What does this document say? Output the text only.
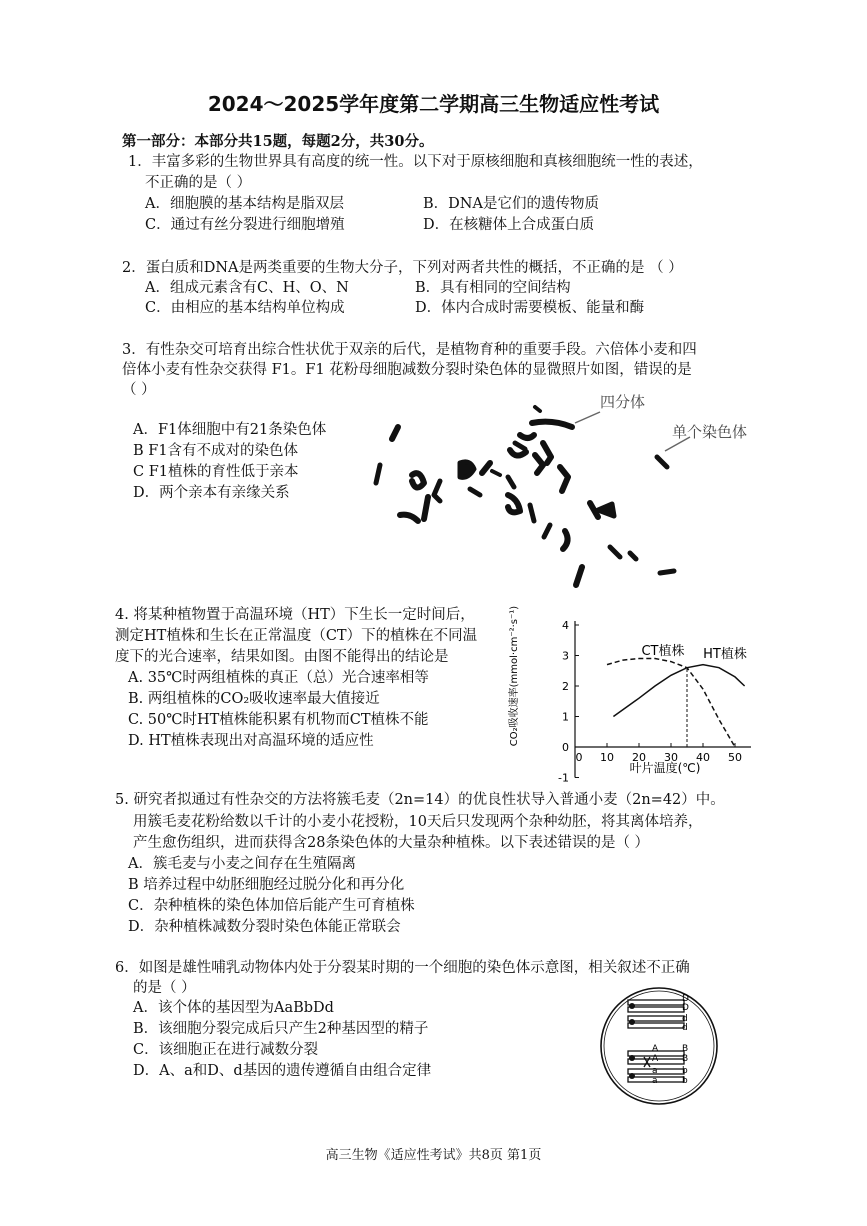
2024～2025学年度第二学期高三生物适应性考试
第一部分：本部分共15题，每题2分，共30分。
1．丰富多彩的生物世界具有高度的统一性。以下对于原核细胞和真核细胞统一性的表述，
不正确的是（ ）
A．细胞膜的基本结构是脂双层	B．DNA是它们的遗传物质
C．通过有丝分裂进行细胞增殖	D．在核糖体上合成蛋白质
2．蛋白质和DNA是两类重要的生物大分子，下列对两者共性的概括，不正确的是 （ ）
A．组成元素含有C、H、O、N	B．具有相同的空间结构
C．由相应的基本结构单位构成	D．体内合成时需要模板、能量和酶
3．有性杂交可培育出综合性状优于双亲的后代，是植物育种的重要手段。六倍体小麦和四
倍体小麦有性杂交获得 F1。F1 花粉母细胞减数分裂时染色体的显微照片如图，错误的是
（ ）
A．F1体细胞中有21条染色体
B F1含有不成对的染色体
C F1植株的育性低于亲本
D．两个亲本有亲缘关系
四分体
单个染色体
4. 将某种植物置于高温环境（HT）下生长一定时间后，
测定HT植株和生长在正常温度（CT）下的植株在不同温
度下的光合速率，结果如图。由图不能得出的结论是
A. 35℃时两组植株的真正（总）光合速率相等
B. 两组植株的CO₂吸收速率最大值接近
C. 50℃时HT植株能积累有机物而CT植株不能
D. HT植株表现出对高温环境的适应性
-1
0
1
2
3
4
0 10 20 30 40 50
CO₂吸收速率(mmol·cm⁻²·s⁻¹)
叶片温度(℃)
CT植株 HT植株
5. 研究者拟通过有性杂交的方法将簇毛麦（2n=14）的优良性状导入普通小麦（2n=42）中。
用簇毛麦花粉给数以千计的小麦小花授粉，10天后只发现两个杂种幼胚，将其离体培养，
产生愈伤组织，进而获得含28条染色体的大量杂种植株。以下表述错误的是（ ）
A．簇毛麦与小麦之间存在生殖隔离
B 培养过程中幼胚细胞经过脱分化和再分化
C．杂种植株的染色体加倍后能产生可育植株
D．杂种植株减数分裂时染色体能正常联会
6．如图是雄性哺乳动物体内处于分裂某时期的一个细胞的染色体示意图，相关叙述不正确
的是（ ）
A．该个体的基因型为AaBbDd
B．该细胞分裂完成后只产生2种基因型的精子
C．该细胞正在进行减数分裂
D．A、a和D、d基因的遗传遵循自由组合定律
D
D
d
d
A
A
a
a
B
B
b
b
高三生物《适应性考试》共8页 第1页
